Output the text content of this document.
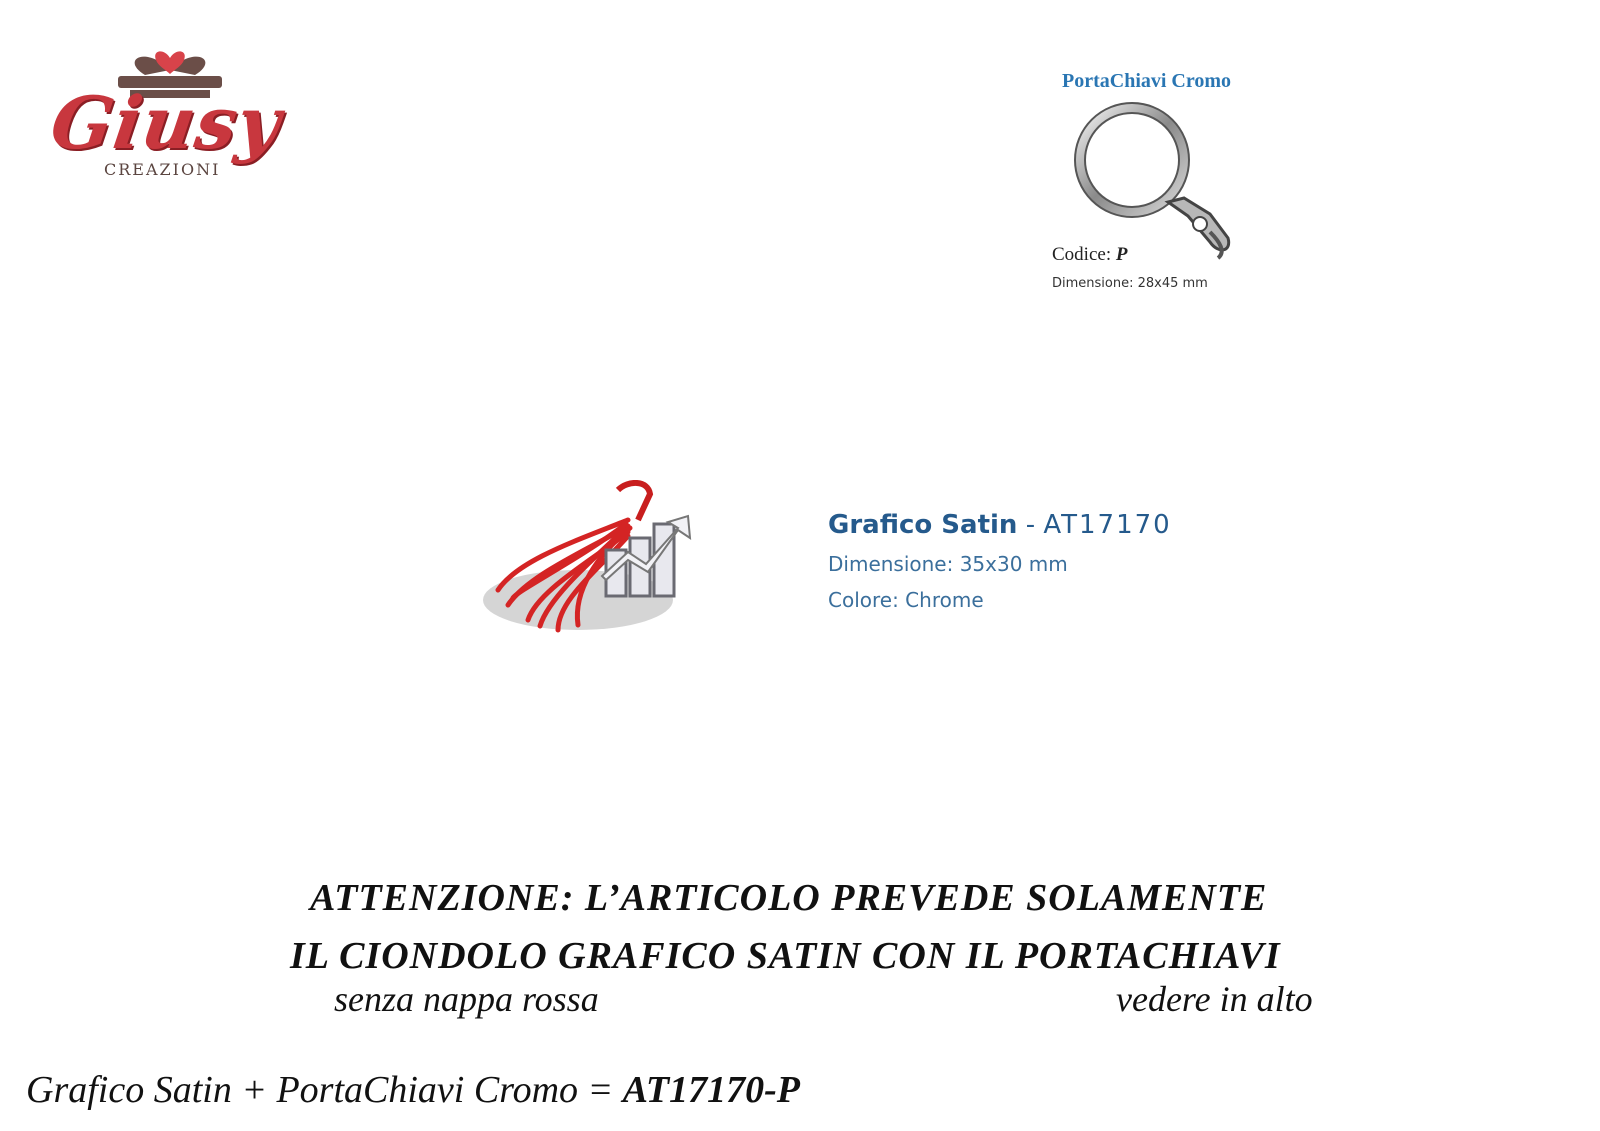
Giusy
CREAZIONI
PortaChiavi Cromo
Codice: P
Dimensione: 28x45 mm
Grafico Satin - AT17170
Dimensione: 35x30 mm
Colore: Chrome
ATTENZIONE: L’ARTICOLO PREVEDE SOLAMENTE
IL CIONDOLO GRAFICO SATIN CON IL PORTACHIAVI
senza nappa rossa	vedere in alto
Grafico Satin + PortaChiavi Cromo = AT17170-P
